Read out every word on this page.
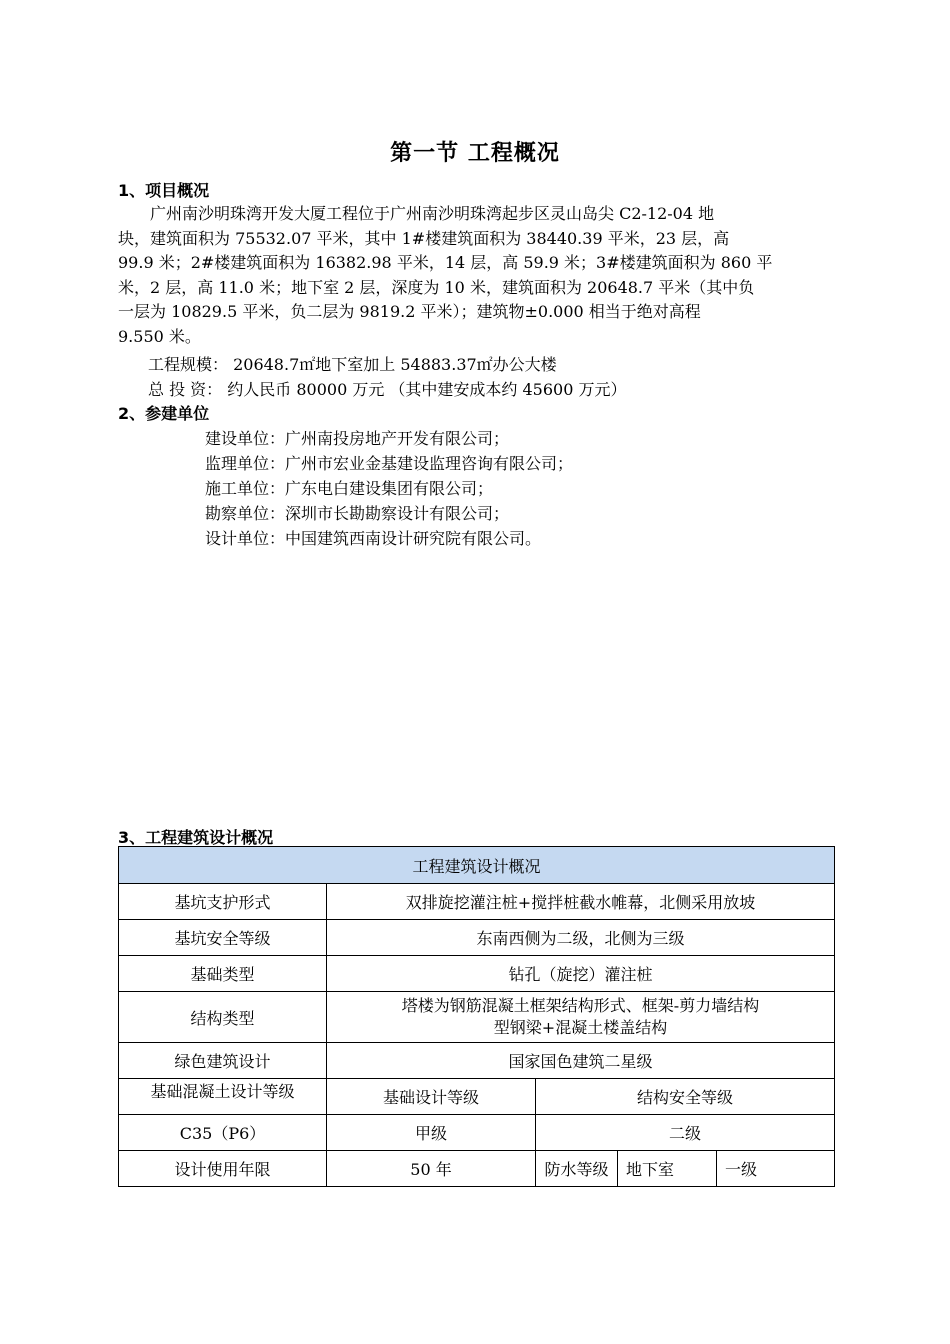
第一节 工程概况
1、项目概况
　　广州南沙明珠湾开发大厦工程位于广州南沙明珠湾起步区灵山岛尖 C2-12-04 地
块，建筑面积为 75532.07 平米，其中 1#楼建筑面积为 38440.39 平米，23 层，高
99.9 米；2#楼建筑面积为 16382.98 平米，14 层，高 59.9 米；3#楼建筑面积为 860 平
米，2 层，高 11.0 米；地下室 2 层，深度为 10 米，建筑面积为 20648.7 平米（其中负
一层为 10829.5 平米，负二层为 9819.2 平米）；建筑物±0.000 相当于绝对高程
9.550 米。
工程规模： 20648.7㎡地下室加上 54883.37㎡办公大楼
总 投 资： 约人民币 80000 万元 （其中建安成本约 45600 万元）
2、参建单位
建设单位：广州南投房地产开发有限公司；
监理单位：广州市宏业金基建设监理咨询有限公司；
施工单位：广东电白建设集团有限公司；
勘察单位：深圳市长勘勘察设计有限公司；
设计单位：中国建筑西南设计研究院有限公司。
3、工程建筑设计概况
工程建筑设计概况				
基坑支护形式	双排旋挖灌注桩+搅拌桩截水帷幕，北侧采用放坡			
基坑安全等级	东南西侧为二级，北侧为三级			
基础类型	钻孔（旋挖）灌注桩			
结构类型	塔楼为钢筋混凝土框架结构形式、框架-剪力墙结构
型钢梁+混凝土楼盖结构			

绿色建筑设计	国家国色建筑二星级			

基础混凝土设计等级	基础设计等级	结构安全等级		
C35（P6）	甲级	二级		
设计使用年限	50 年	防水等级	地下室	一级
